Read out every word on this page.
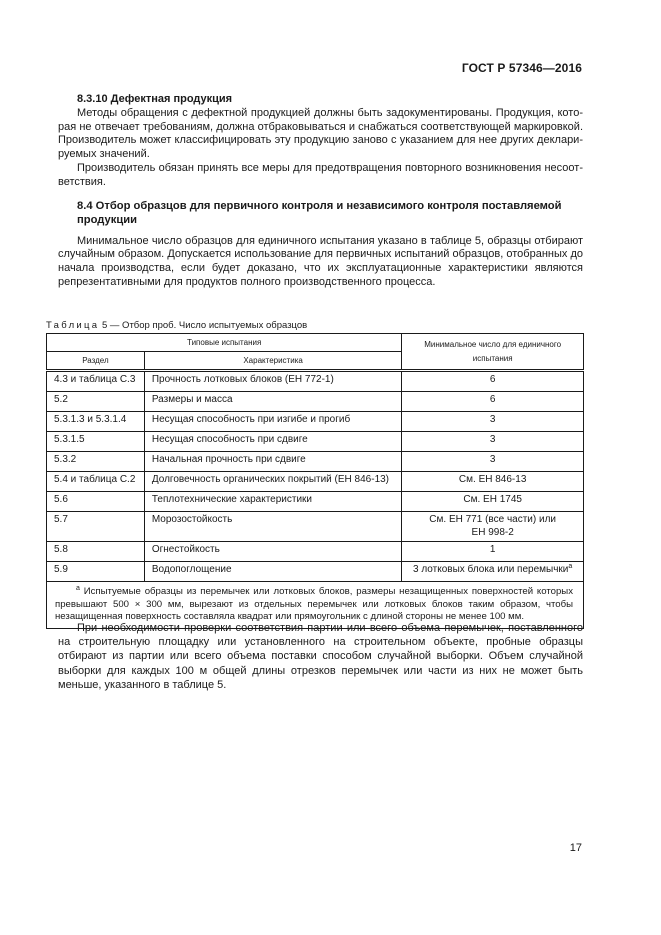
ГОСТ Р 57346—2016

8.3.10 Дефектная продукция

Методы обращения с дефектной продукцией должны быть задокументированы. Продукция, которая не отвечает требованиям, должна отбраковываться и снабжаться соответствующей маркировкой. Производитель может классифицировать эту продукцию заново с указанием для нее других декларируемых значений.

Производитель обязан принять все меры для предотвращения повторного возникновения несоответствия.

8.4 Отбор образцов для первичного контроля и независимого контроля поставляемой продукции

Минимальное число образцов для единичного испытания указано в таблице 5, образцы отбирают случайным образом. Допускается использование для первичных испытаний образцов, отобранных до начала производства, если будет доказано, что их эксплуатационные характеристики являются репрезентативными для продуктов полного производственного процесса.

Таблица 5 — Отбор проб. Число испытуемых образцов
Типовые испытания		Минимальное число для единичного испытания
Раздел	Характеристика	
4.3 и таблица С.3	Прочность лотковых блоков (ЕН 772-1)	6
5.2	Размеры и масса	6
5.3.1.3 и 5.3.1.4	Несущая способность при изгибе и прогиб	3
5.3.1.5	Несущая способность при сдвиге	3
5.3.2	Начальная прочность при сдвиге	3
5.4 и таблица С.2	Долговечность органических покрытий (ЕН 846-13)	См. ЕН 846-13
5.6	Теплотехнические характеристики	См. ЕН 1745
5.7	Морозостойкость	См. ЕН 771 (все части) или
ЕН 998-2

5.8	Огнестойкость	1
5.9	Водопоглощение	3 лотковых блока или перемычки$^а$
$^а$ Испытуемые образцы из перемычек или лотковых блоков, размеры незащищенных поверхностей которых превышают 500 × 300 мм, вырезают из отдельных перемычек или лотковых блоков таким образом, чтобы незащищенная поверхность составляла квадрат или прямоугольник с длиной стороны не менее 100 мм.		

При необходимости проверки соответствия партии или всего объема перемычек, поставленного на строительную площадку или установленного на строительном объекте, пробные образцы отбирают из партии или всего объема поставки способом случайной выборки. Объем случайной выборки для каждых 100 м общей длины отрезков перемычек или части из них не может быть меньше, указанного в таблице 5.

17
